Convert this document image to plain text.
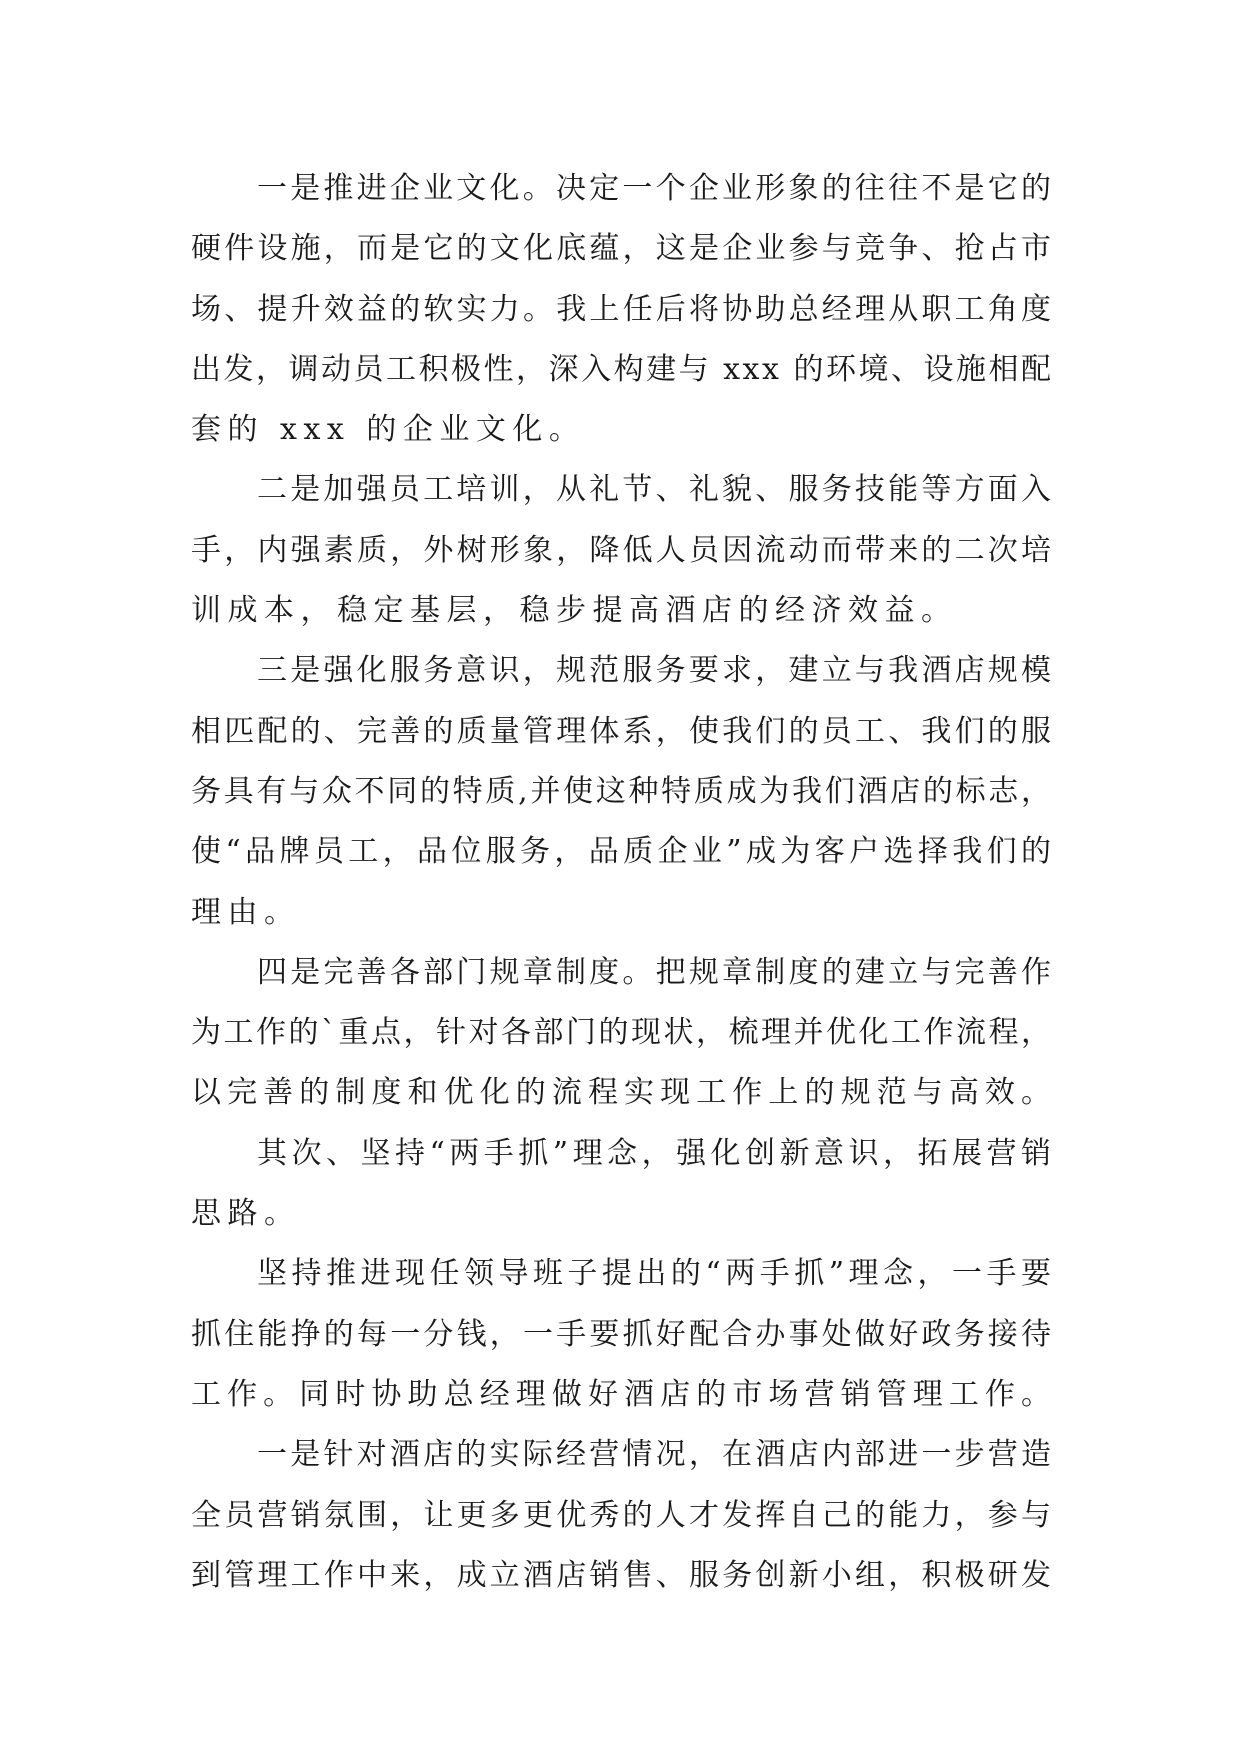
一是推进企业文化。决定一个企业形象的往往不是它的
硬件设施，而是它的文化底蕴，这是企业参与竞争、抢占市
场、提升效益的软实力。我上任后将协助总经理从职工角度
出发，调动员工积极性，深入构建与 xxx 的环境、设施相配
套的 xxx 的企业文化。
二是加强员工培训，从礼节、礼貌、服务技能等方面入
手，内强素质，外树形象，降低人员因流动而带来的二次培
训成本，稳定基层，稳步提高酒店的经济效益。
三是强化服务意识，规范服务要求，建立与我酒店规模
相匹配的、完善的质量管理体系，使我们的员工、我们的服
务具有与众不同的特质,并使这种特质成为我们酒店的标志，
使“品牌员工，品位服务，品质企业”成为客户选择我们的
理由。
四是完善各部门规章制度。把规章制度的建立与完善作
为工作的`重点，针对各部门的现状，梳理并优化工作流程，
以完善的制度和优化的流程实现工作上的规范与高效。
其次、坚持“两手抓”理念，强化创新意识，拓展营销
思路。
坚持推进现任领导班子提出的“两手抓”理念，一手要
抓住能挣的每一分钱，一手要抓好配合办事处做好政务接待
工作。同时协助总经理做好酒店的市场营销管理工作。
一是针对酒店的实际经营情况，在酒店内部进一步营造
全员营销氛围，让更多更优秀的人才发挥自己的能力，参与
到管理工作中来，成立酒店销售、服务创新小组，积极研发
